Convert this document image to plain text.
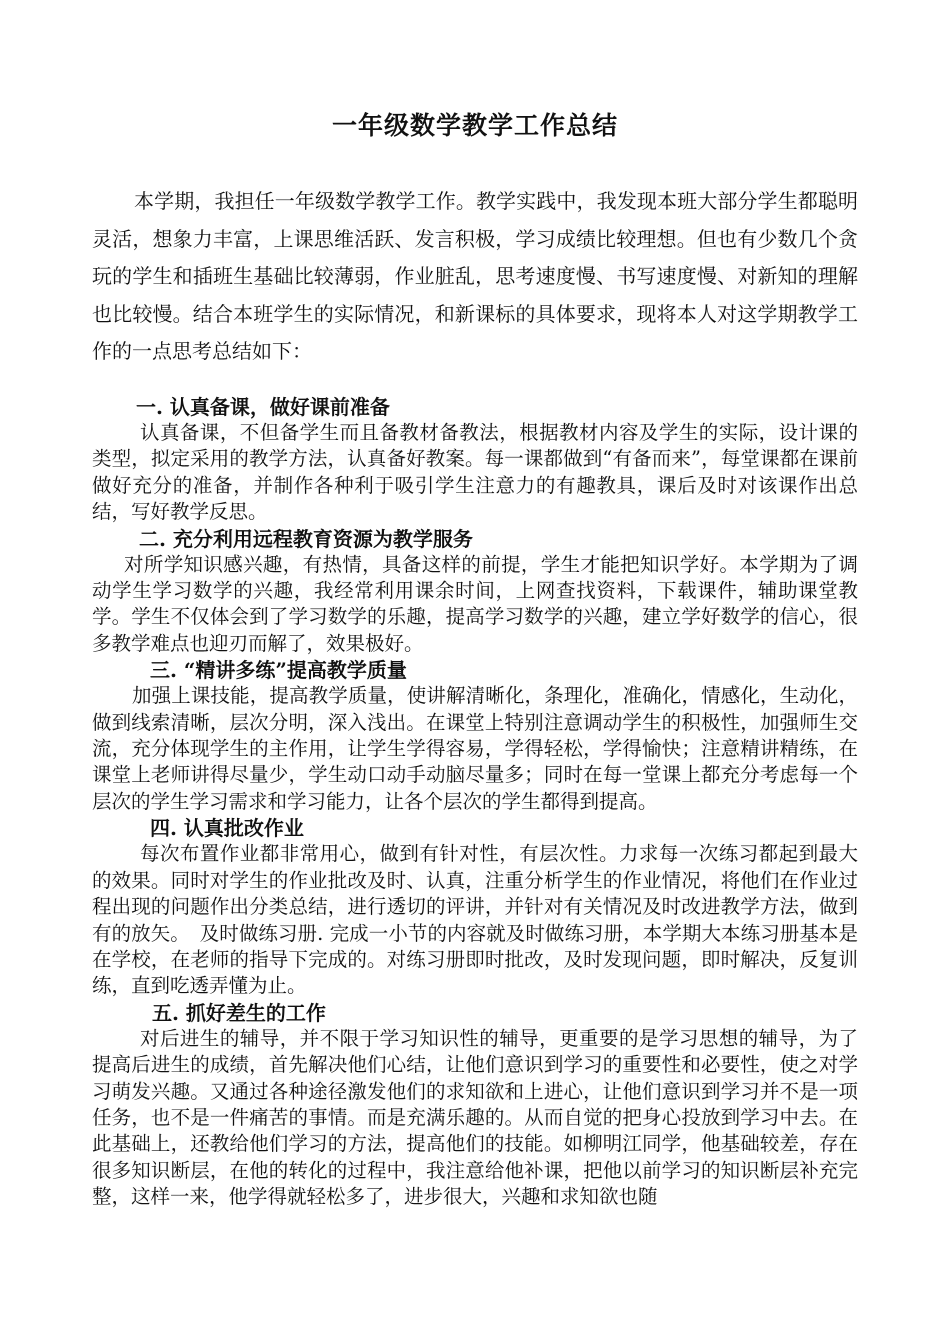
一年级数学教学工作总结

本学期，我担任一年级数学教学工作。教学实践中，我发现本班大部分学生都聪明灵活，想象力丰富，上课思维活跃、发言积极，学习成绩比较理想。但也有少数几个贪玩的学生和插班生基础比较薄弱，作业脏乱，思考速度慢、书写速度慢、对新知的理解也比较慢。结合本班学生的实际情况，和新课标的具体要求，现将本人对这学期教学工作的一点思考总结如下：

一. 认真备课，做好课前准备

认真备课，不但备学生而且备教材备教法，根据教材内容及学生的实际，设计课的类型，拟定采用的教学方法，认真备好教案。每一课都做到“有备而来”，每堂课都在课前做好充分的准备，并制作各种利于吸引学生注意力的有趣教具，课后及时对该课作出总结，写好教学反思。

二. 充分利用远程教育资源为教学服务

对所学知识感兴趣，有热情，具备这样的前提，学生才能把知识学好。本学期为了调动学生学习数学的兴趣，我经常利用课余时间，上网查找资料，下载课件，辅助课堂教学。学生不仅体会到了学习数学的乐趣，提高学习数学的兴趣，建立学好数学的信心，很多教学难点也迎刃而解了，效果极好。

三. “精讲多练”提高教学质量

加强上课技能，提高教学质量，使讲解清晰化，条理化，准确化，情感化，生动化，做到线索清晰，层次分明，深入浅出。在课堂上特别注意调动学生的积极性，加强师生交流，充分体现学生的主作用，让学生学得容易，学得轻松，学得愉快；注意精讲精练，在课堂上老师讲得尽量少，学生动口动手动脑尽量多；同时在每一堂课上都充分考虑每一个层次的学生学习需求和学习能力，让各个层次的学生都得到提高。

四. 认真批改作业

每次布置作业都非常用心，做到有针对性，有层次性。力求每一次练习都起到最大的效果。同时对学生的作业批改及时、认真，注重分析学生的作业情况，将他们在作业过程出现的问题作出分类总结，进行透切的评讲，并针对有关情况及时改进教学方法，做到有的放矢。　及时做练习册. 完成一小节的内容就及时做练习册，本学期大本练习册基本是在学校，在老师的指导下完成的。对练习册即时批改，及时发现问题，即时解决，反复训练，直到吃透弄懂为止。

五. 抓好差生的工作

对后进生的辅导，并不限于学习知识性的辅导，更重要的是学习思想的辅导，为了提高后进生的成绩，首先解决他们心结，让他们意识到学习的重要性和必要性，使之对学习萌发兴趣。又通过各种途径激发他们的求知欲和上进心，让他们意识到学习并不是一项任务，也不是一件痛苦的事情。而是充满乐趣的。从而自觉的把身心投放到学习中去。在此基础上，还教给他们学习的方法，提高他们的技能。如柳明江同学，他基础较差，存在很多知识断层，在他的转化的过程中，我注意给他补课，把他以前学习的知识断层补充完整，这样一来，他学得就轻松多了，进步很大，兴趣和求知欲也随
